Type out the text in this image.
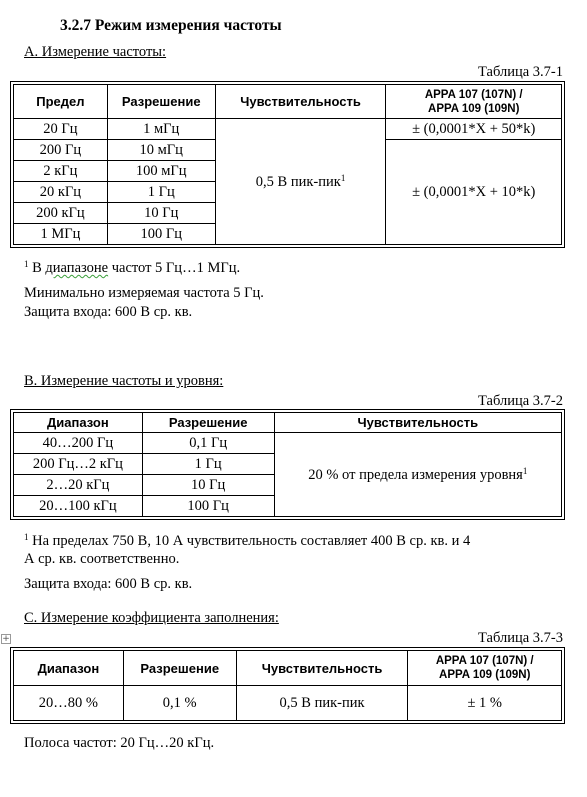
3.2.7 Режим измерения частоты
А. Измерение частоты:
Таблица 3.7-1
Предел	Разрешение	Чувствительность	APPA 107 (107N) /
APPA 109 (109N)
20 Гц	1 мГц	0,5 В пик-пик$^1$	± (0,0001*X + 50*k)
200 Гц	10 мГц		± (0,0001*X + 10*k)
2 кГц	100 мГц		
20 кГц	1 Гц		
200 кГц	10 Гц		
1 МГц	100 Гц		
$^1$ В диапазоне частот 5 Гц…1 МГц.
Минимально измеряемая частота 5 Гц.
Защита входа: 600 В ср. кв.
В. Измерение частоты и уровня:
Таблица 3.7-2
Диапазон	Разрешение	Чувствительность
40…200 Гц	0,1 Гц	20 % от предела измерения уровня$^1$
200 Гц…2 кГц	1 Гц	
2…20 кГц	10 Гц	
20…100 кГц	100 Гц	
$^1$ На пределах 750 В, 10 А чувствительность составляет 400 В ср. кв. и 4
А ср. кв. соответственно.
Защита входа: 600 В ср. кв.
+
С. Измерение коэффициента заполнения:
Таблица 3.7-3
Диапазон	Разрешение	Чувствительность	APPA 107 (107N) /
APPA 109 (109N)
20…80 %	0,1 %	0,5 В пик-пик	± 1 %
Полоса частот: 20 Гц…20 кГц.
